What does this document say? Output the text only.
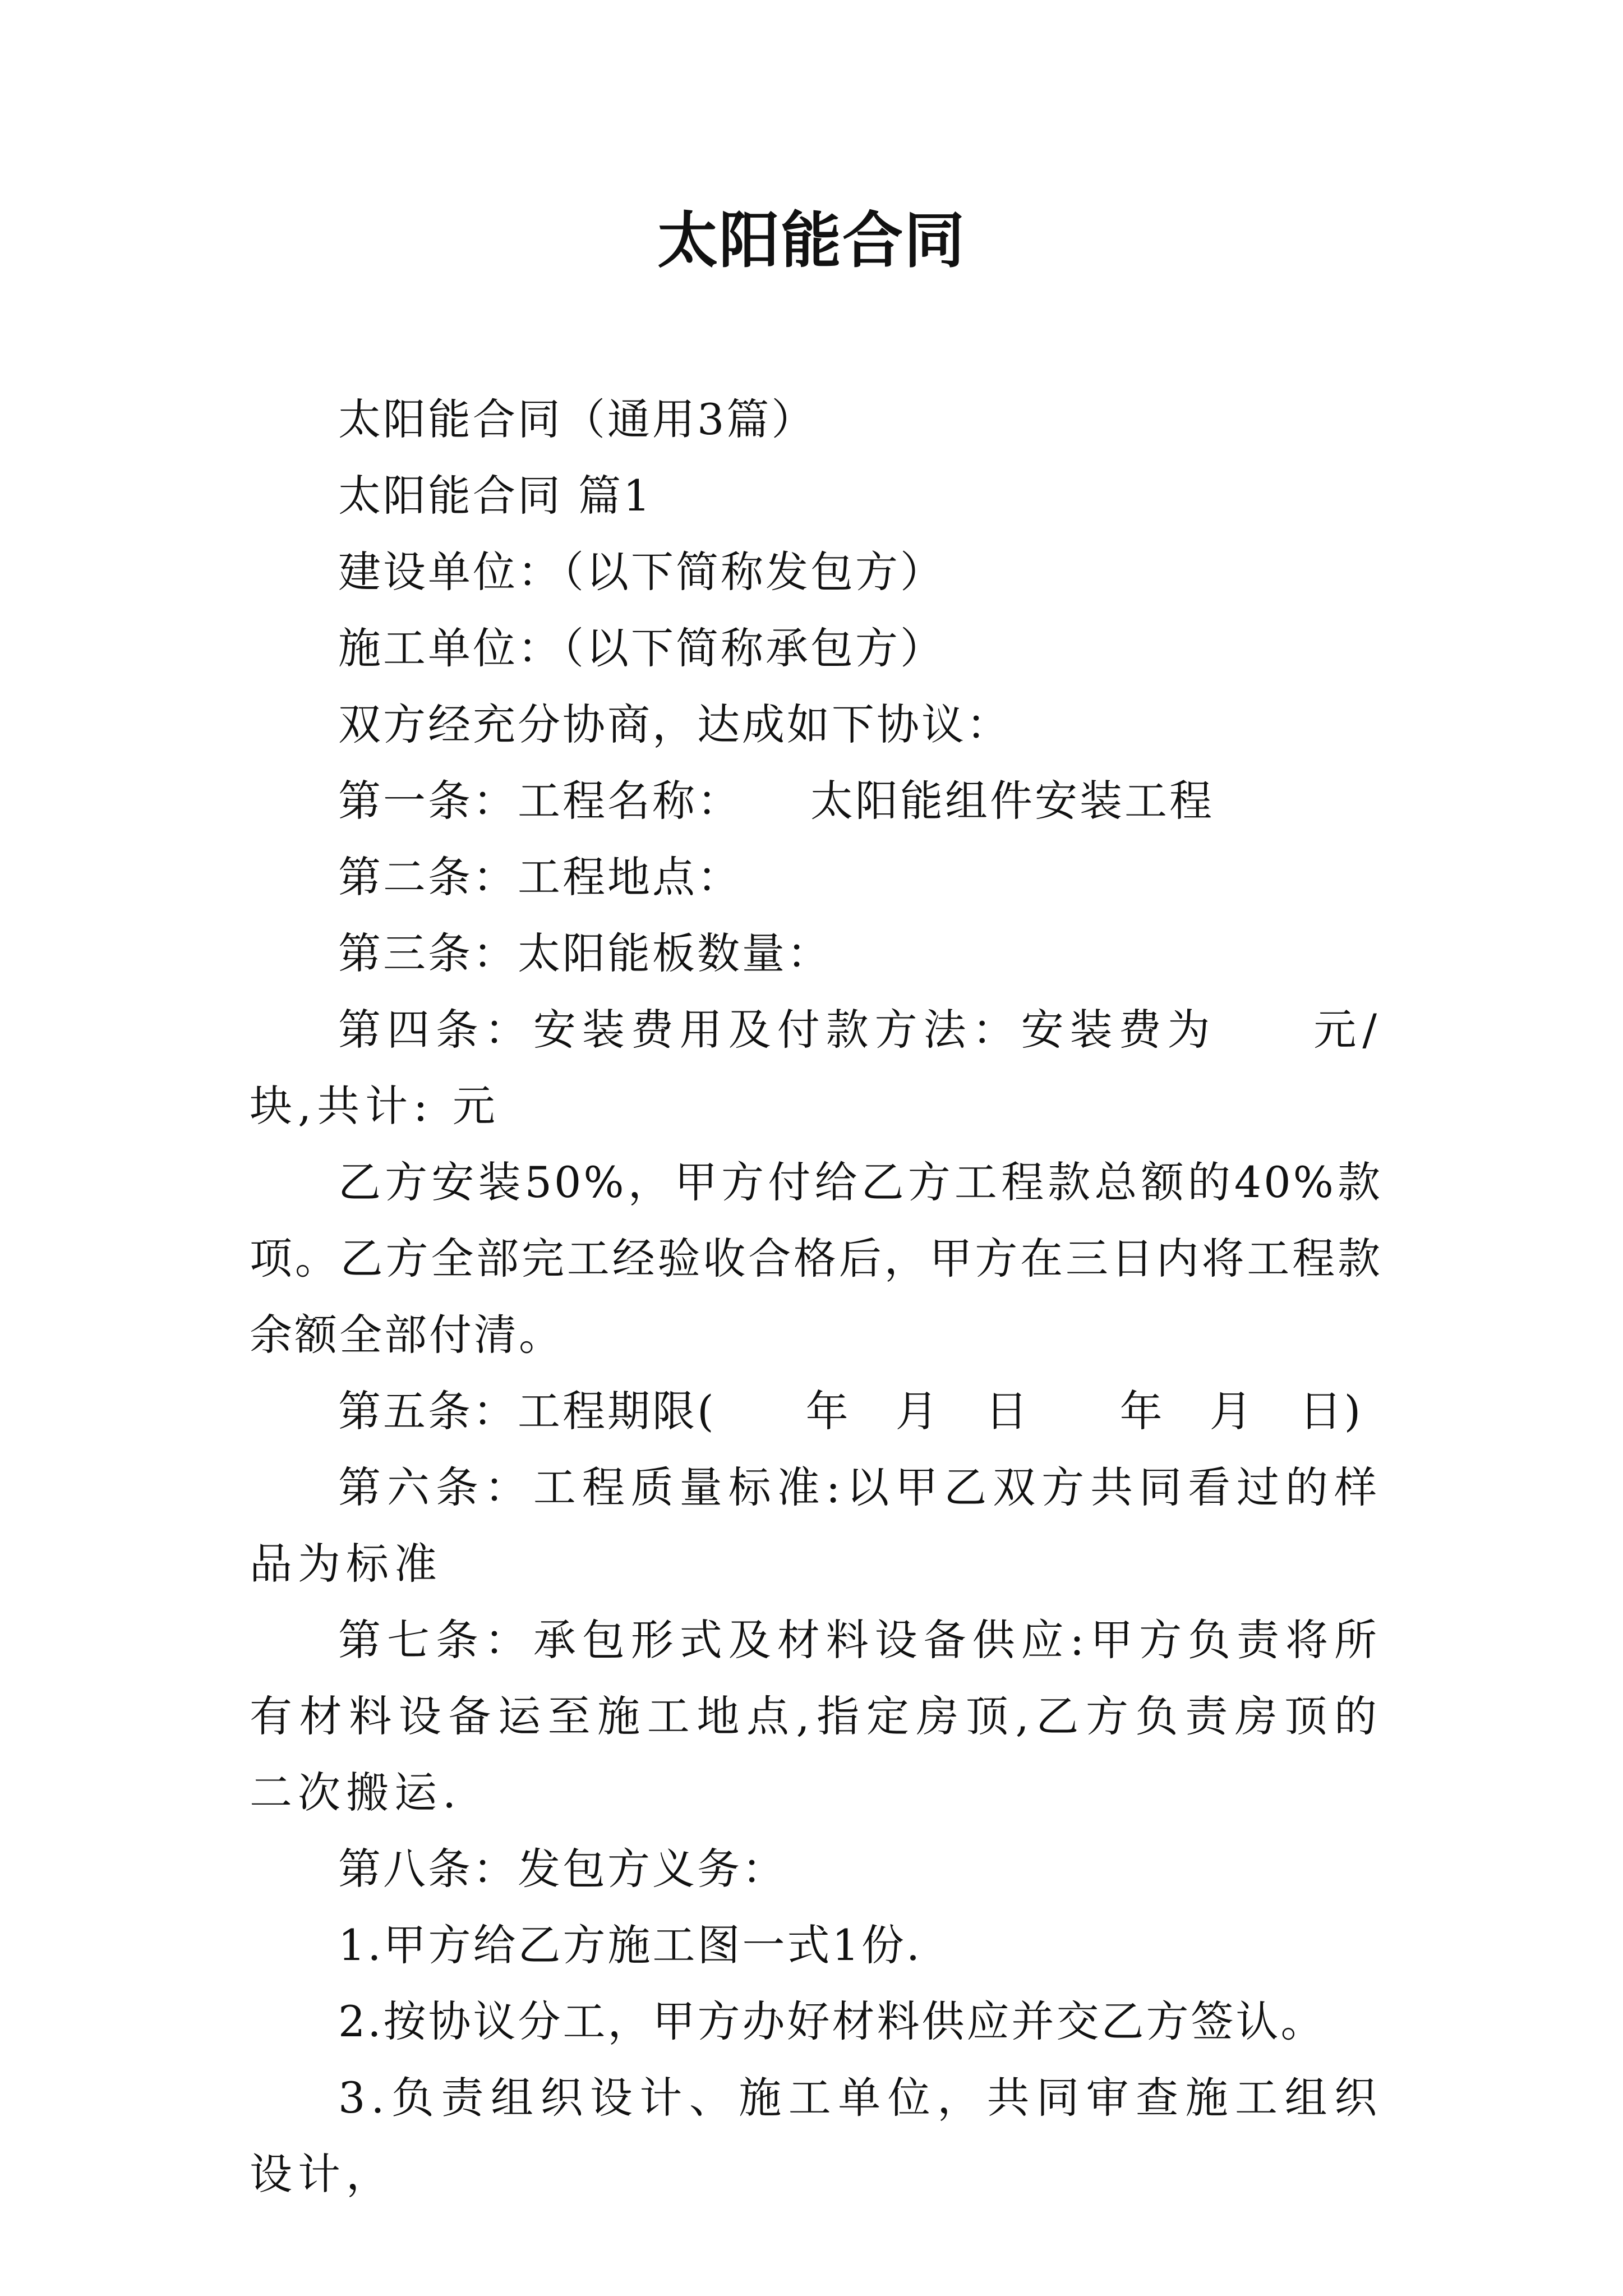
太阳能合同

太阳能合同（通用3篇）

太阳能合同 篇1

建设单位：（以下简称发包方）

施工单位：（以下简称承包方）

双方经充分协商，达成如下协议：

第一条：工程名称：　　太阳能组件安装工程

第二条：工程地点：

第三条：太阳能板数量：

第四条：安装费用及付款方法：安装费为　　元/块,共计: 元

乙方安装50%，甲方付给乙方工程款总额的40%款项。乙方全部完工经验收合格后，甲方在三日内将工程款余额全部付清。

第五条：工程期限(　　年　月　日　　年　月　日)

第六条：工程质量标准:以甲乙双方共同看过的样品为标准

第七条：承包形式及材料设备供应:甲方负责将所有材料设备运至施工地点,指定房顶,乙方负责房顶的二次搬运.

第八条：发包方义务：

1.甲方给乙方施工图一式1份.

2.按协议分工，甲方办好材料供应并交乙方签认。

3.负责组织设计、施工单位，共同审查施工组织设计，
